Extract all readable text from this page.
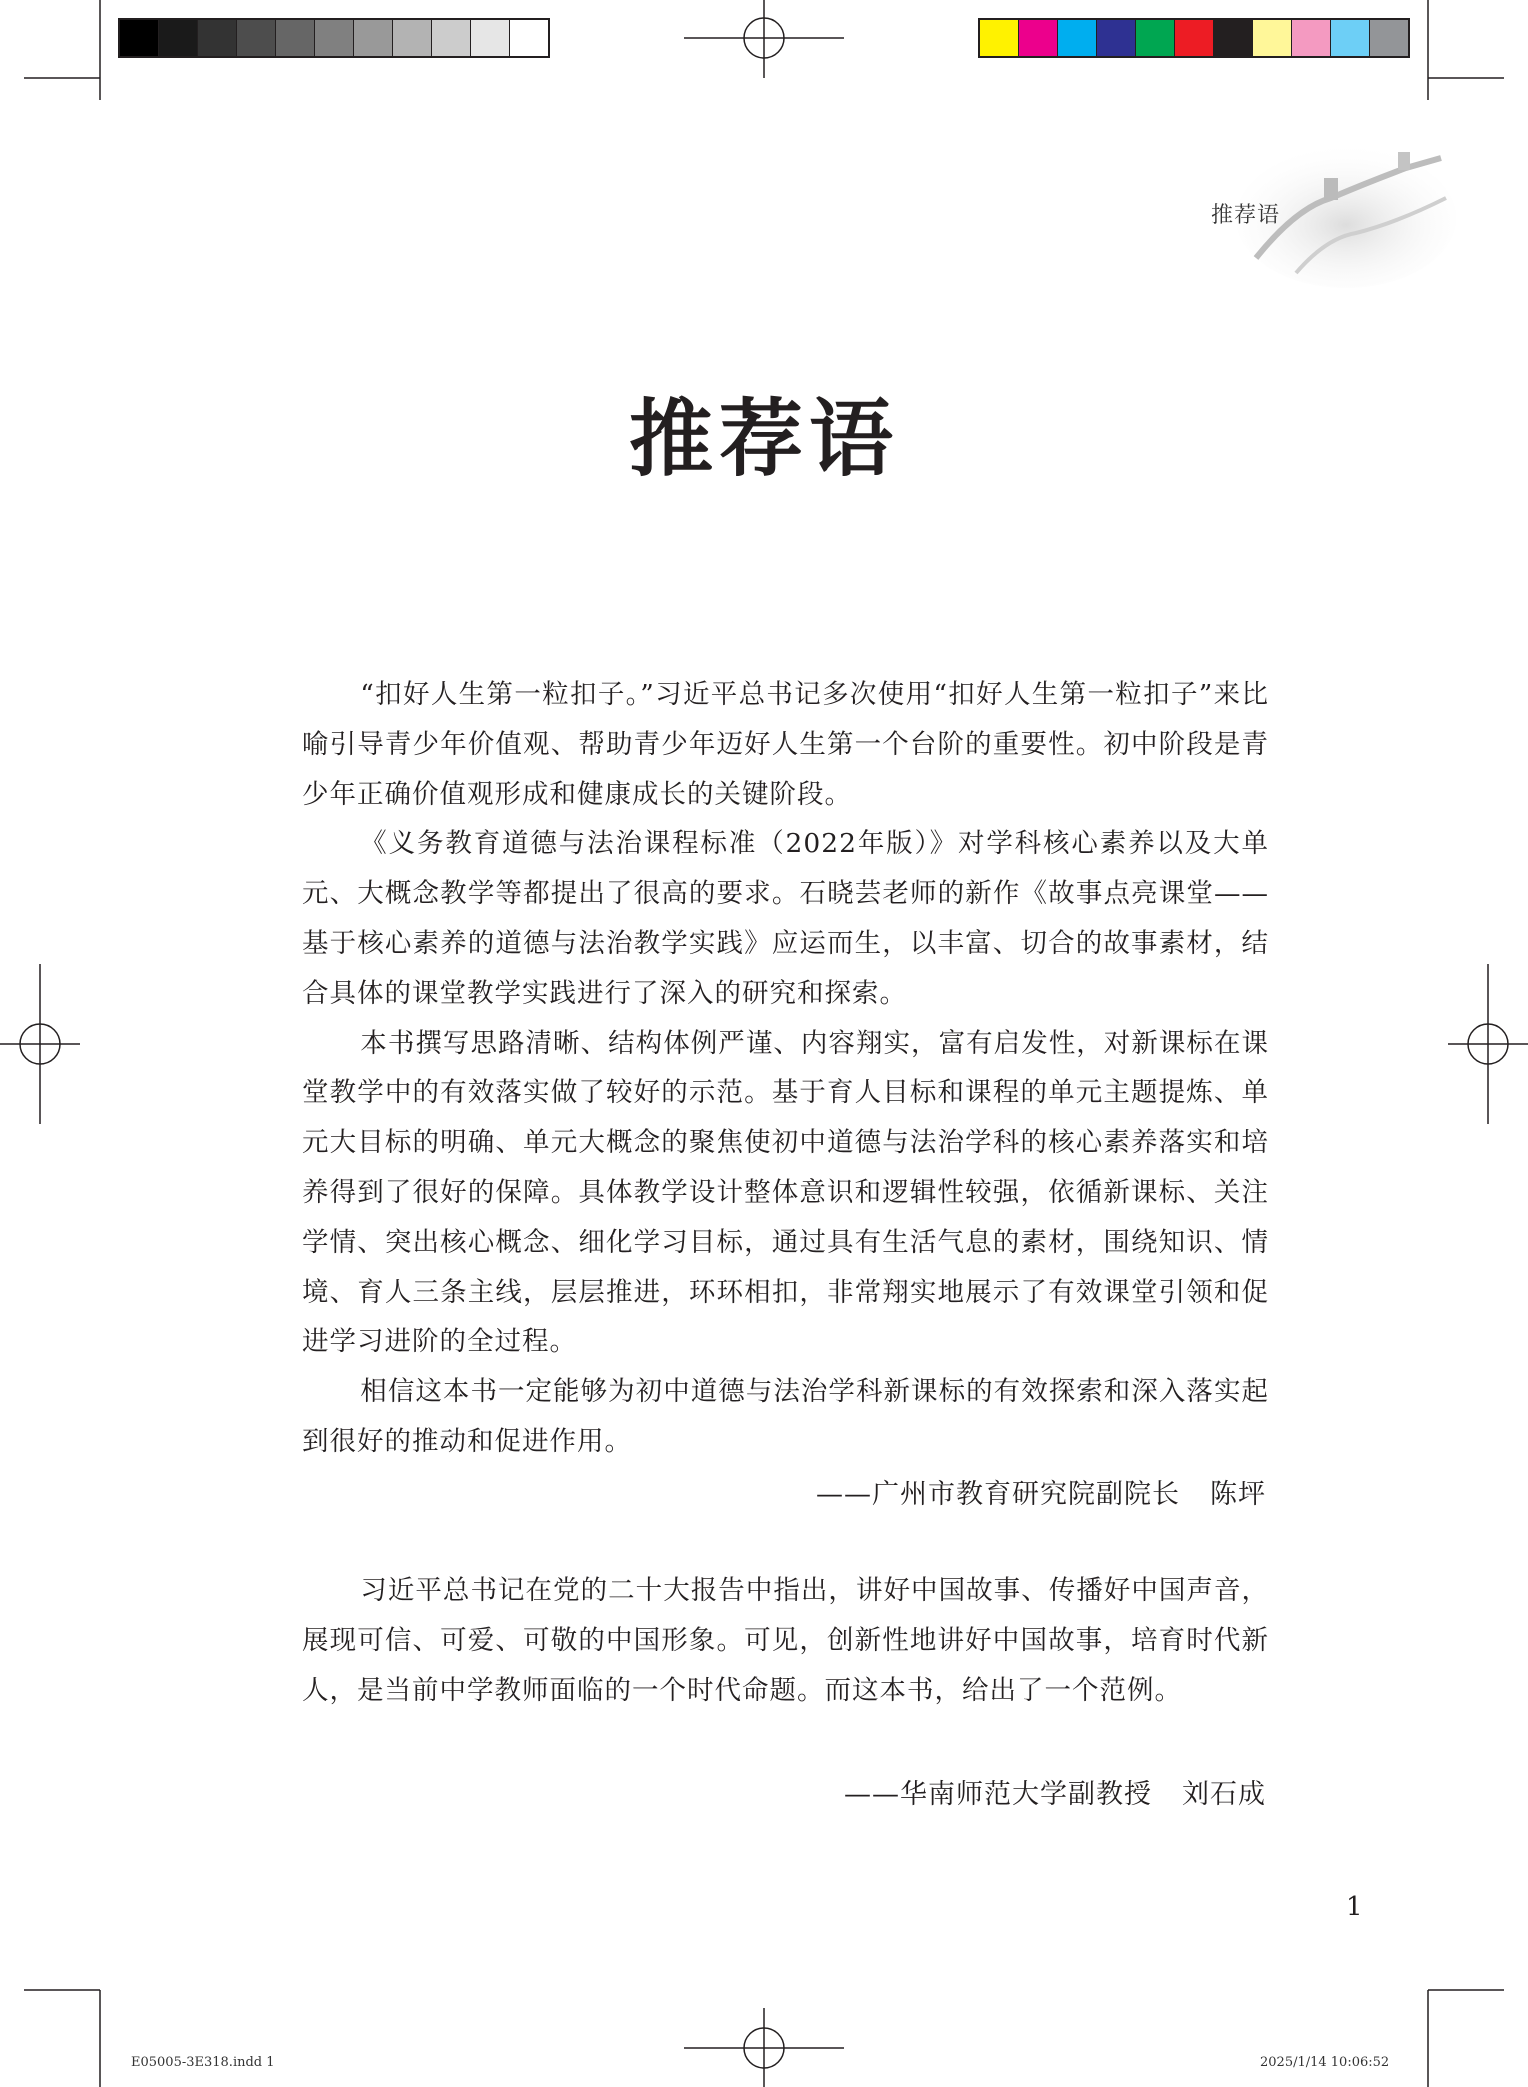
推荐语
推荐语

“扣好人生第一粒扣子。”习近平总书记多次使用“扣好人生第一粒扣子”来比喻引导青少年价值观、帮助青少年迈好人生第一个台阶的重要性。初中阶段是青少年正确价值观形成和健康成长的关键阶段。

《义务教育道德与法治课程标准（2022年版）》对学科核心素养以及大单元、大概念教学等都提出了很高的要求。石晓芸老师的新作《故事点亮课堂——基于核心素养的道德与法治教学实践》应运而生，以丰富、切合的故事素材，结合具体的课堂教学实践进行了深入的研究和探索。

本书撰写思路清晰、结构体例严谨、内容翔实，富有启发性，对新课标在课堂教学中的有效落实做了较好的示范。基于育人目标和课程的单元主题提炼、单元大目标的明确、单元大概念的聚焦使初中道德与法治学科的核心素养落实和培养得到了很好的保障。具体教学设计整体意识和逻辑性较强，依循新课标、关注学情、突出核心概念、细化学习目标，通过具有生活气息的素材，围绕知识、情境、育人三条主线，层层推进，环环相扣，非常翔实地展示了有效课堂引领和促进学习进阶的全过程。

相信这本书一定能够为初中道德与法治学科新课标的有效探索和深入落实起到很好的推动和促进作用。

——广州市教育研究院副院长 陈坪

习近平总书记在党的二十大报告中指出，讲好中国故事、传播好中国声音，展现可信、可爱、可敬的中国形象。可见，创新性地讲好中国故事，培育时代新人，是当前中学教师面临的一个时代命题。而这本书，给出了一个范例。

——华南师范大学副教授 刘石成
1
E05005-3E318.indd 1	2025/1/14 10:06:52
